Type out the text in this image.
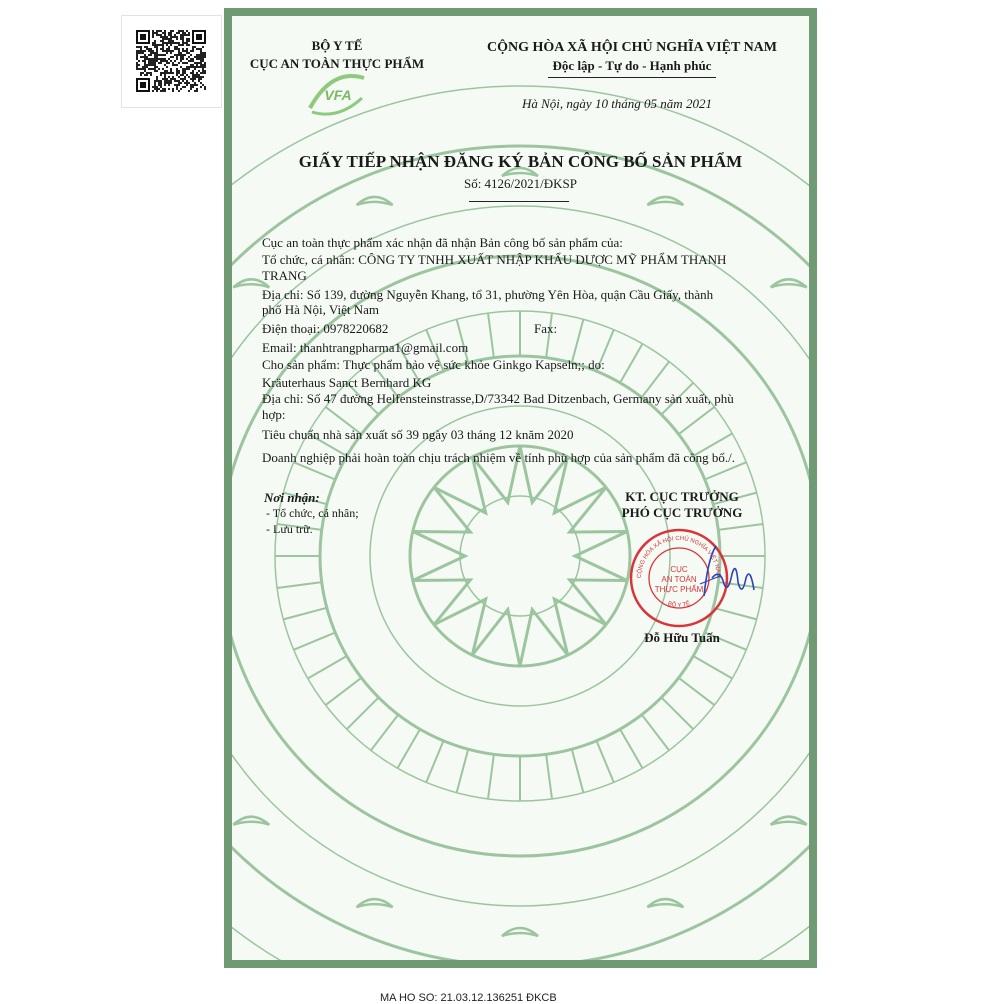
BỘ Y TẾ
CỤC AN TOÀN THỰC PHẨM
VFA
CỘNG HÒA XÃ HỘI CHỦ NGHĨA VIỆT NAM
Độc lập - Tự do - Hạnh phúc
Hà Nội, ngày 10 tháng 05 năm 2021
GIẤY TIẾP NHẬN ĐĂNG KÝ BẢN CÔNG BỐ SẢN PHẨM
Số: 4126/2021/ĐKSP
Cục an toàn thực phẩm xác nhận đã nhận Bản công bố sản phẩm của:
Tổ chức, cá nhân: CÔNG TY TNHH XUẤT NHẬP KHẨU DƯỢC MỸ PHẨM THANH
TRANG
Địa chỉ: Số 139, đường Nguyễn Khang, tổ 31, phường Yên Hòa, quận Cầu Giấy, thành
phố Hà Nội, Việt Nam
Điện thoại: 0978220682	Fax:
Email: thanhtrangpharma1@gmail.com
Cho sản phẩm: Thực phẩm bảo vệ sức khỏe Ginkgo Kapseln;; do:
Kräuterhaus Sanct Bernhard KG
Địa chỉ: Số 47 đường Helfensteinstrasse,D/73342 Bad Ditzenbach, Germany sản xuất, phù
hợp:
Tiêu chuẩn nhà sản xuất số 39 ngày 03 tháng 12 knăm 2020
Doanh nghiệp phải hoàn toàn chịu trách nhiệm về tính phù hợp của sản phẩm đã công bố./.
Nơi nhận:
- Tổ chức, cá nhân;
- Lưu trữ.
KT. CỤC TRƯỞNG
PHÓ CỤC TRƯỞNG
CỘNG HÒA XÃ HỘI CHỦ NGHĨA VIỆT NAM
BỘ Y TẾ
CỤC
AN TOÀN
THỰC PHẨM
Đỗ Hữu Tuấn
MA HO SO: 21.03.12.136251 ĐKCB
